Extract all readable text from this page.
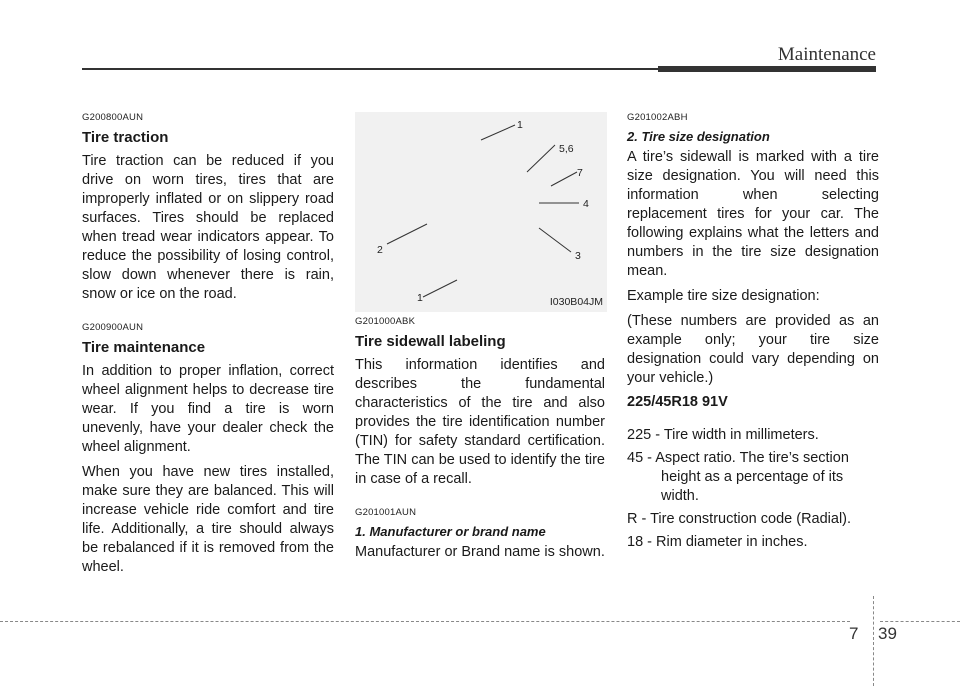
Maintenance
G200800AUN
Tire traction

Tire traction can be reduced if you drive on worn tires, tires that are improperly inflated or on slippery road surfaces. Tires should be replaced when tread wear indicators appear. To reduce the possibility of losing control, slow down whenever there is rain, snow or ice on the road.

G200900AUN
Tire maintenance

In addition to proper inflation, correct wheel alignment helps to decrease tire wear. If you find a tire is worn unevenly, have your dealer check the wheel alignment.

When you have new tires installed, make sure they are balanced. This will increase vehicle ride comfort and tire life. Additionally, a tire should always be rebalanced if it is removed from the wheel.

1
5,6
7
4
2	3
1	I030B04JM
G201000ABK
Tire sidewall labeling

This information identifies and describes the fundamental characteristics of the tire and also provides the tire identification number (TIN) for safety standard certification. The TIN can be used to identify the tire in case of a recall.

G201001AUN
1. Manufacturer or brand name

Manufacturer or Brand name is shown.

G201002ABH
2. Tire size designation

A tire’s sidewall is marked with a tire size designation. You will need this information when selecting replacement tires for your car. The following explains what the letters and numbers in the tire size designation mean.

Example tire size designation:

(These numbers are provided as an example only; your tire size designation could vary depending on your vehicle.)

225/45R18 91V
225 - Tire width in millimeters.
45 - Aspect ratio. The tire’s section height as a percentage of its width.
R - Tire construction code (Radial).
18 - Rim diameter in inches.
7 39
